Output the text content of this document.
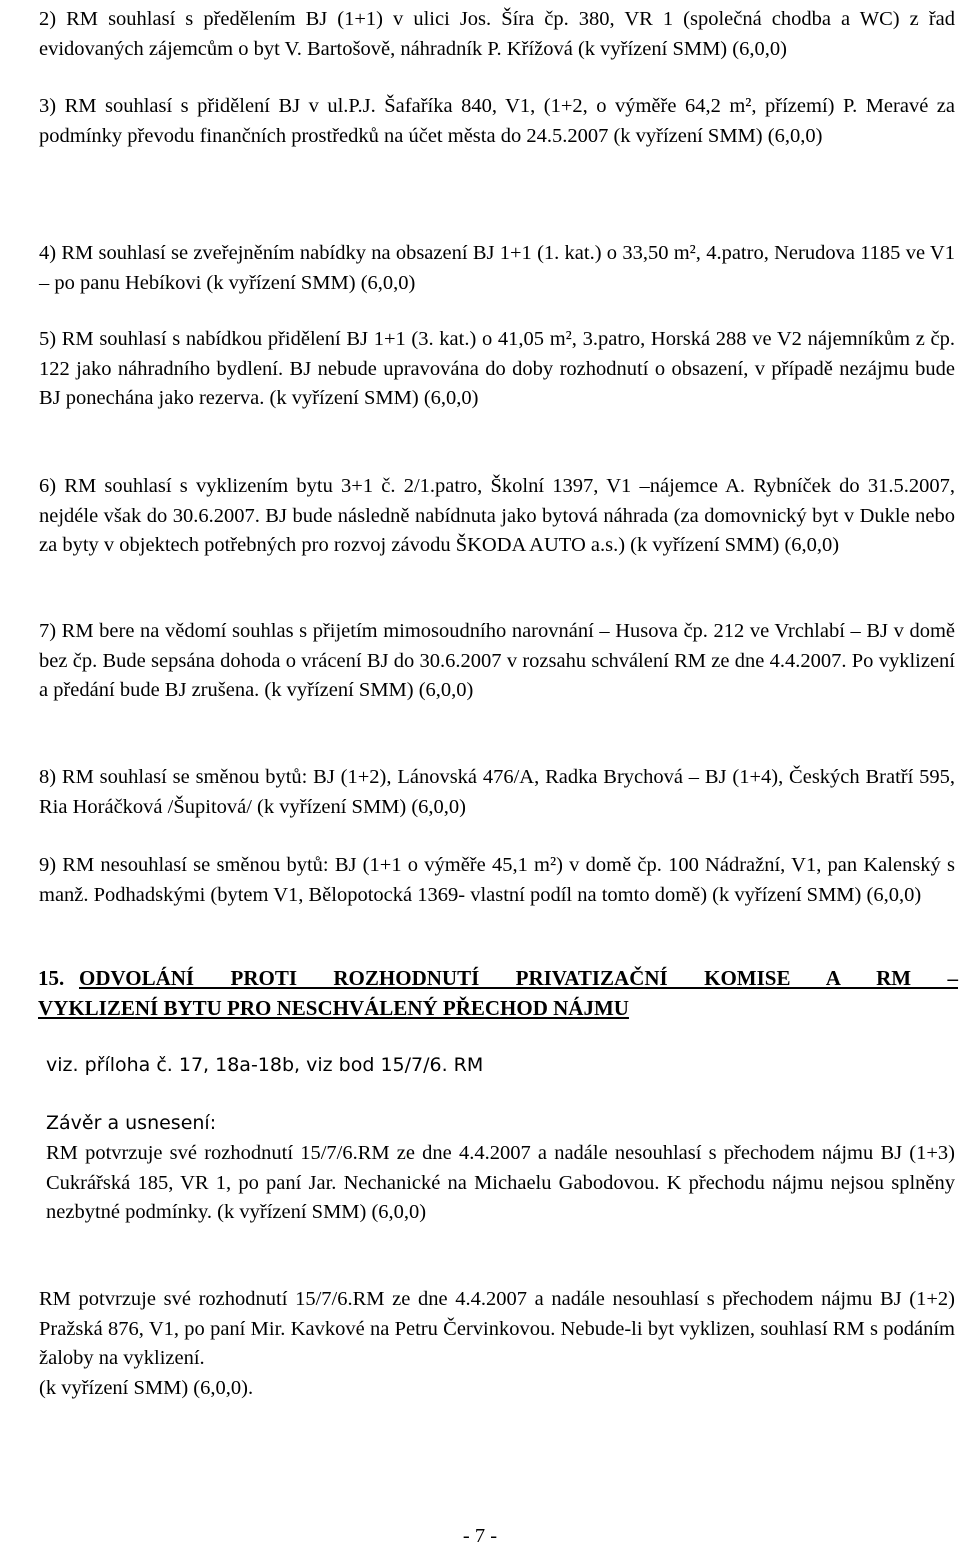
2) RM souhlasí s předělením BJ (1+1) v ulici Jos. Šíra čp. 380, VR 1 (společná chodba a WC) z řad evidovaných zájemcům o byt V. Bartošově, náhradník P. Křížová (k vyřízení SMM) (6,0,0)

3) RM souhlasí s přidělení BJ v ul.P.J. Šafaříka 840, V1, (1+2, o výměře 64,2 m², přízemí) P. Meravé za podmínky převodu finančních prostředků na účet města do 24.5.2007 (k vyřízení SMM) (6,0,0)

4) RM souhlasí se zveřejněním nabídky na obsazení BJ 1+1 (1. kat.) o 33,50 m², 4.patro, Nerudova 1185 ve V1 – po panu Hebíkovi (k vyřízení SMM) (6,0,0)

5) RM souhlasí s nabídkou přidělení BJ 1+1 (3. kat.) o 41,05 m², 3.patro, Horská 288 ve V2 nájemníkům z čp. 122 jako náhradního bydlení. BJ nebude upravována do doby rozhodnutí o obsazení, v případě nezájmu bude BJ ponechána jako rezerva. (k vyřízení SMM) (6,0,0)

6) RM souhlasí s vyklizením bytu 3+1 č. 2/1.patro, Školní 1397, V1 –nájemce A. Rybníček do 31.5.2007, nejdéle však do 30.6.2007. BJ bude následně nabídnuta jako bytová náhrada (za domovnický byt v Dukle nebo za byty v objektech potřebných pro rozvoj závodu ŠKODA AUTO a.s.) (k vyřízení SMM) (6,0,0)

7) RM bere na vědomí souhlas s přijetím mimosoudního narovnání – Husova čp. 212 ve Vrchlabí – BJ v domě bez čp. Bude sepsána dohoda o vrácení BJ do 30.6.2007 v rozsahu schválení RM ze dne 4.4.2007. Po vyklizení a předání bude BJ zrušena. (k vyřízení SMM) (6,0,0)

8) RM souhlasí se směnou bytů: BJ (1+2), Lánovská 476/A, Radka Brychová – BJ (1+4), Českých Bratří 595, Ria Horáčková /Šupitová/ (k vyřízení SMM) (6,0,0)

9) RM nesouhlasí se směnou bytů: BJ (1+1 o výměře 45,1 m²) v domě čp. 100 Nádražní, V1, pan Kalenský s manž. Podhadskými (bytem V1, Bělopotocká 1369- vlastní podíl na tomto domě) (k vyřízení SMM) (6,0,0)

15. ODVOLÁNÍ PROTI ROZHODNUTÍ PRIVATIZAČNÍ KOMISE A RM –
VYKLIZENÍ BYTU PRO NESCHVÁLENÝ PŘECHOD NÁJMU

viz. příloha č. 17, 18a-18b, viz bod 15/7/6. RM

Závěr a usnesení:

RM potvrzuje své rozhodnutí 15/7/6.RM ze dne 4.4.2007 a nadále nesouhlasí s přechodem nájmu BJ (1+3) Cukrářská 185, VR 1, po paní Jar. Nechanické na Michaelu Gabodovou. K přechodu nájmu nejsou splněny nezbytné podmínky. (k vyřízení SMM) (6,0,0)

RM potvrzuje své rozhodnutí 15/7/6.RM ze dne 4.4.2007 a nadále nesouhlasí s přechodem nájmu BJ (1+2) Pražská 876, V1, po paní Mir. Kavkové na Petru Červinkovou. Nebude-li byt vyklizen, souhlasí RM s podáním žaloby na vyklizení.

(k vyřízení SMM) (6,0,0).

- 7 -
